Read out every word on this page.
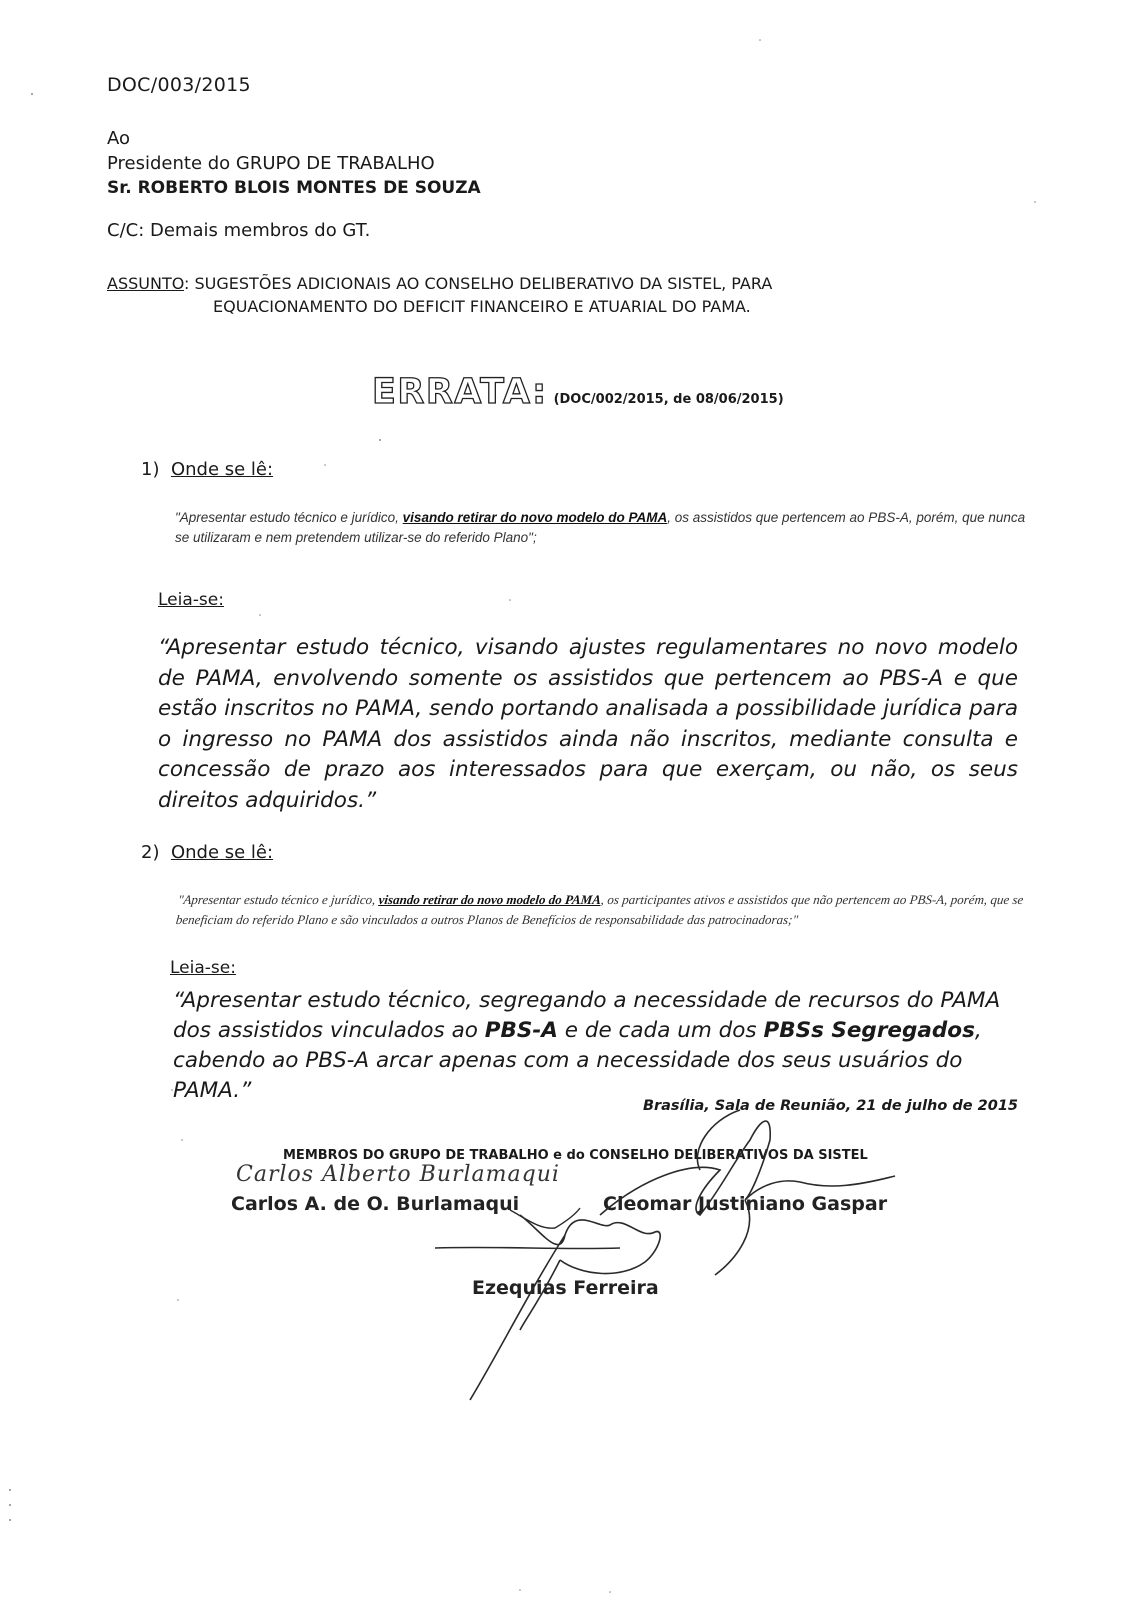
DOC/003/2015
Ao
Presidente do GRUPO DE TRABALHO
Sr. ROBERTO BLOIS MONTES DE SOUZA
C/C: Demais membros do GT.
ASSUNTO: SUGESTÕES ADICIONAIS AO CONSELHO DELIBERATIVO DA SISTEL, PARA
EQUACIONAMENTO DO DEFICIT FINANCEIRO E ATUARIAL DO PAMA.
ERRATA: (DOC/002/2015, de 08/06/2015)
1) Onde se lê:
"Apresentar estudo técnico e jurídico, visando retirar do novo modelo do PAMA, os assistidos que pertencem ao PBS-A, porém, que nunca se utilizaram e nem pretendem utilizar-se do referido Plano";
Leia-se:
“Apresentar estudo técnico, visando ajustes regulamentares no novo modelo de PAMA, envolvendo somente os assistidos que pertencem ao PBS-A e que estão inscritos no PAMA, sendo portando analisada a possibilidade jurídica para o ingresso no PAMA dos assistidos ainda não inscritos, mediante consulta e concessão de prazo aos interessados para que exerçam, ou não, os seus direitos adquiridos.”
2) Onde se lê:
"Apresentar estudo técnico e jurídico, visando retirar do novo modelo do PAMA, os participantes ativos e assistidos que não pertencem ao PBS-A, porém, que se beneficiam do referido Plano e são vinculados a outros Planos de Benefícios de responsabilidade das patrocinadoras;"
Leia-se:
“Apresentar estudo técnico, segregando a necessidade de recursos do PAMA dos assistidos vinculados ao PBS-A e de cada um dos PBSs Segregados, cabendo ao PBS-A arcar apenas com a necessidade dos seus usuários do PAMA.”
Brasília, Sala de Reunião, 21 de julho de 2015
MEMBROS DO GRUPO DE TRABALHO e do CONSELHO DELIBERATIVOS DA SISTEL
Carlos Alberto Burlamaqui
Carlos A. de O. Burlamaqui	Cleomar Justiniano Gaspar
Ezequias Ferreira
